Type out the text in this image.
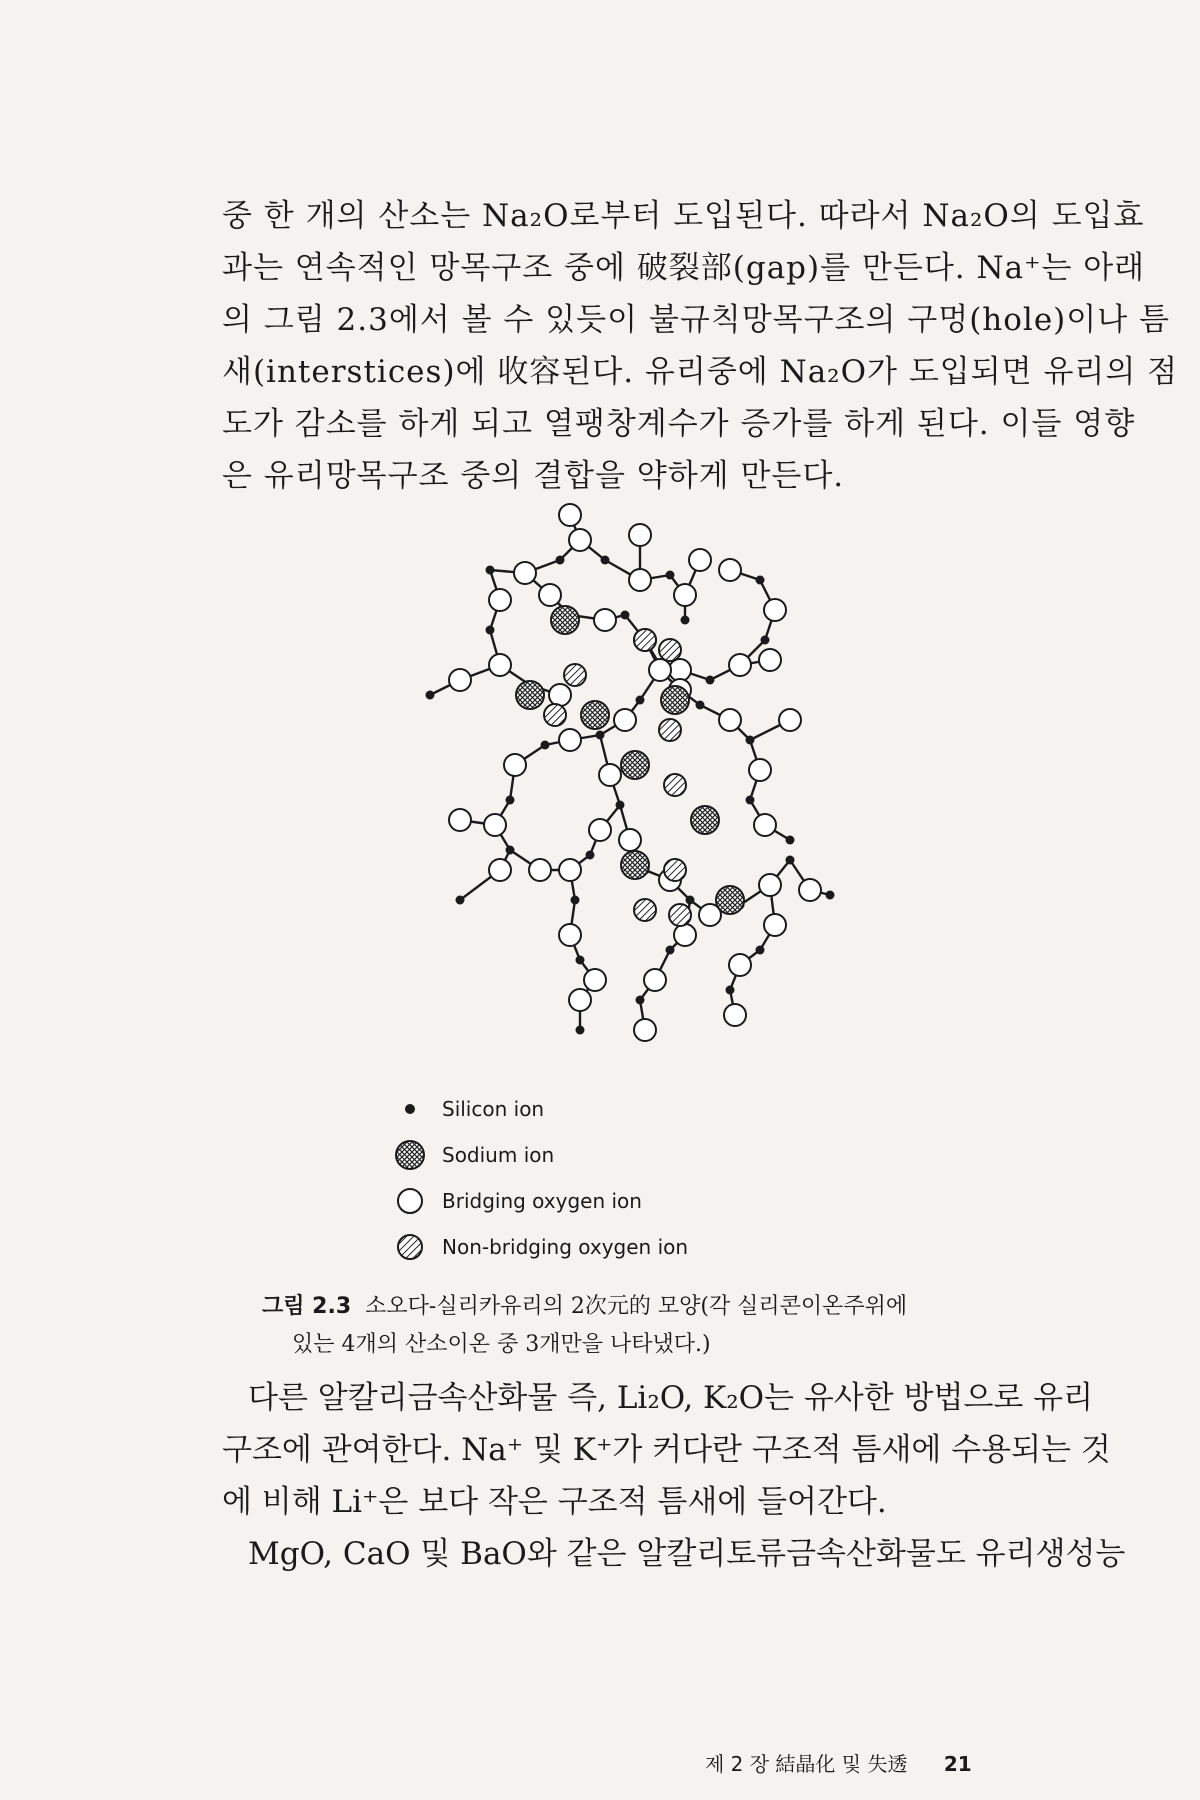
중 한 개의 산소는 Na₂O로부터 도입된다. 따라서 Na₂O의 도입효
과는 연속적인 망목구조 중에 破裂部(gap)를 만든다. Na⁺는 아래
의 그림 2.3에서 볼 수 있듯이 불규칙망목구조의 구멍(hole)이나 틈
새(interstices)에 收容된다. 유리중에 Na₂O가 도입되면 유리의 점
도가 감소를 하게 되고 열팽창계수가 증가를 하게 된다. 이들 영향
은 유리망목구조 중의 결합을 약하게 만든다.

Silicon ion
Sodium ion
Bridging oxygen ion
Non-bridging oxygen ion
그림 2.3 소오다-실리카유리의 2次元的 모양(각 실리콘이온주위에
있는 4개의 산소이온 중 3개만을 나타냈다.)

다른 알칼리금속산화물 즉, Li₂O, K₂O는 유사한 방법으로 유리
구조에 관여한다. Na⁺ 및 K⁺가 커다란 구조적 틈새에 수용되는 것
에 비해 Li⁺은 보다 작은 구조적 틈새에 들어간다.
MgO, CaO 및 BaO와 같은 알칼리토류금속산화물도 유리생성능

제 2 장 結晶化 및 失透 21
